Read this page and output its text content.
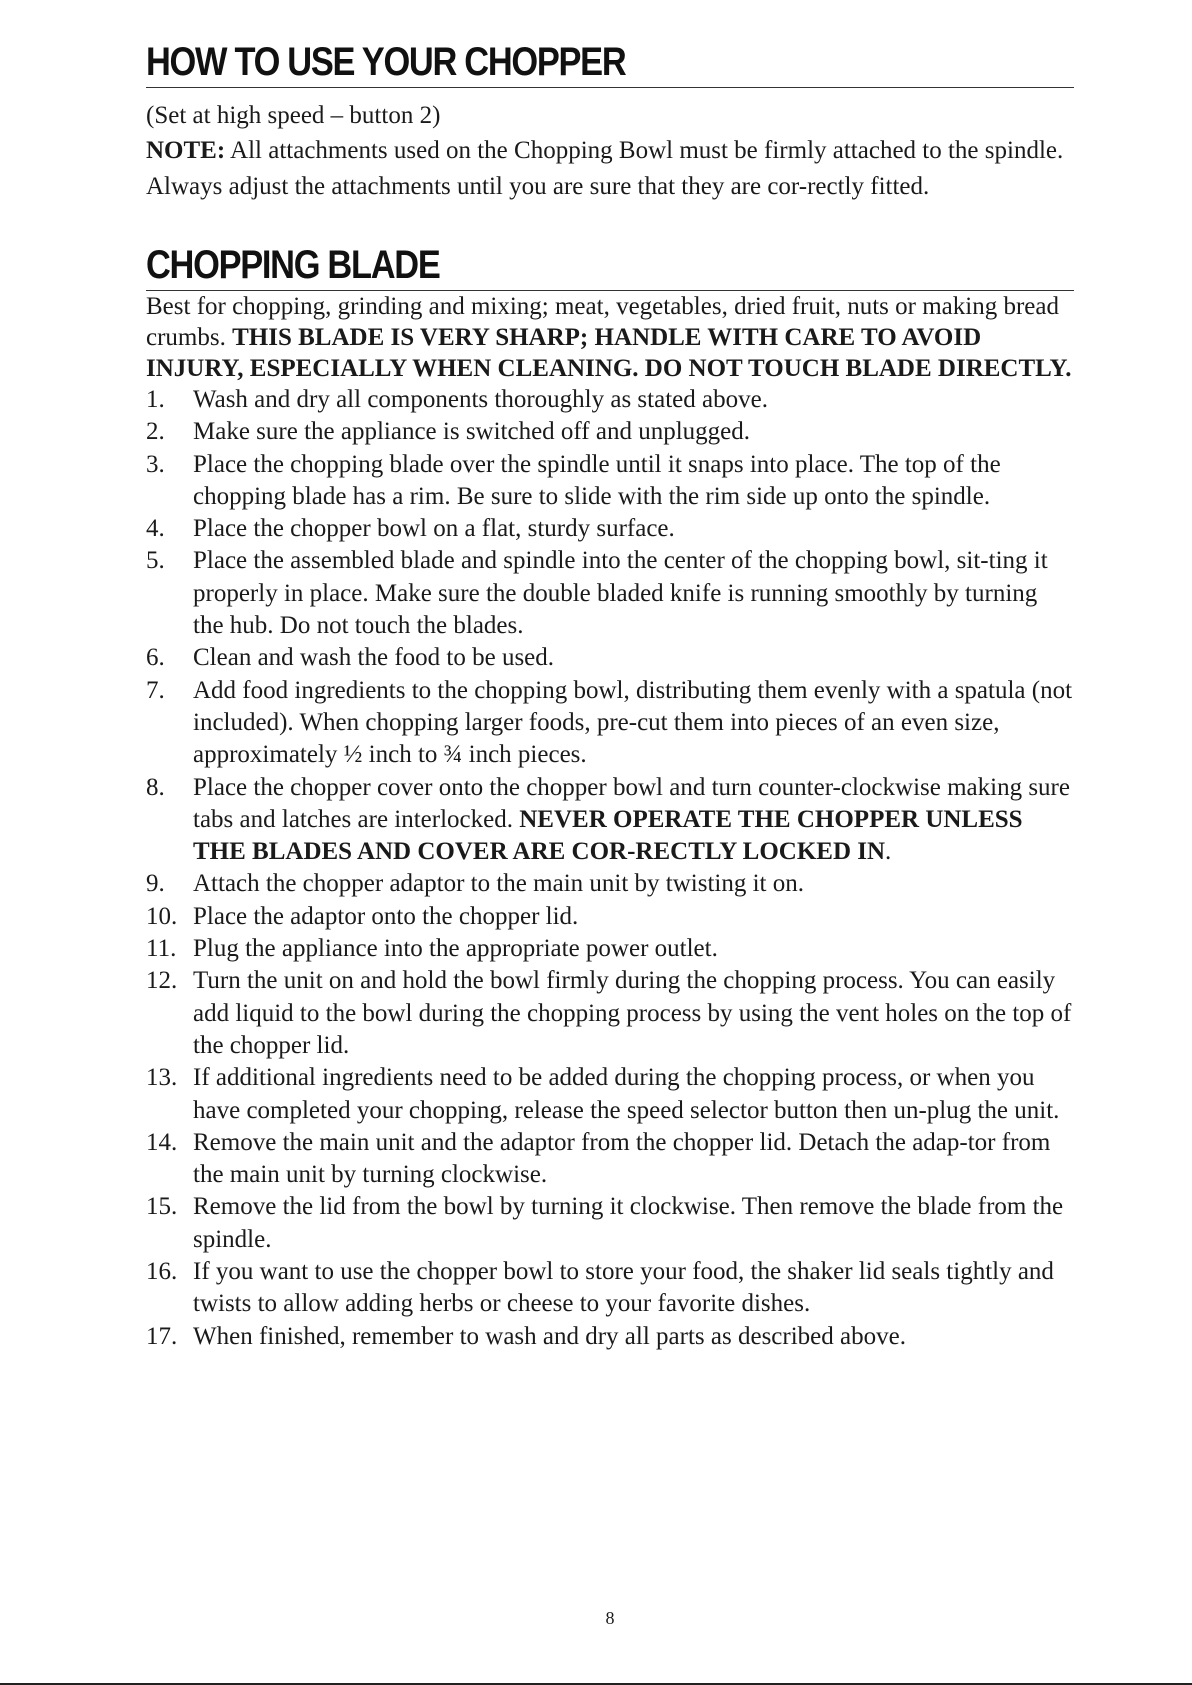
HOW TO USE YOUR CHOPPER

(Set at high speed – button 2)

NOTE: All attachments used on the Chopping Bowl must be firmly attached to the spindle. Always adjust the attachments until you are sure that they are cor-rectly fitted.

CHOPPING BLADE

Best for chopping, grinding and mixing; meat, vegetables, dried fruit, nuts or making bread crumbs. THIS BLADE IS VERY SHARP; HANDLE WITH CARE TO AVOID INJURY, ESPECIALLY WHEN CLEANING. DO NOT TOUCH BLADE DIRECTLY.

1. Wash and dry all components thoroughly as stated above.
2. Make sure the appliance is switched off and unplugged.
3. Place the chopping blade over the spindle until it snaps into place. The top of the chopping blade has a rim. Be sure to slide with the rim side up onto the spindle.
4. Place the chopper bowl on a flat, sturdy surface.
5. Place the assembled blade and spindle into the center of the chopping bowl, sit-ting it properly in place. Make sure the double bladed knife is running smoothly by turning the hub. Do not touch the blades.
6. Clean and wash the food to be used.
7. Add food ingredients to the chopping bowl, distributing them evenly with a spatula (not included). When chopping larger foods, pre-cut them into pieces of an even size, approximately ½ inch to ¾ inch pieces.
8. Place the chopper cover onto the chopper bowl and turn counter-clockwise making sure tabs and latches are interlocked. NEVER OPERATE THE CHOPPER UNLESS THE BLADES AND COVER ARE COR-RECTLY LOCKED IN.
9. Attach the chopper adaptor to the main unit by twisting it on.
10. Place the adaptor onto the chopper lid.
11. Plug the appliance into the appropriate power outlet.
12. Turn the unit on and hold the bowl firmly during the chopping process. You can easily add liquid to the bowl during the chopping process by using the vent holes on the top of the chopper lid.
13. If additional ingredients need to be added during the chopping process, or when you have completed your chopping, release the speed selector button then un-plug the unit.
14. Remove the main unit and the adaptor from the chopper lid. Detach the adap-tor from the main unit by turning clockwise.
15. Remove the lid from the bowl by turning it clockwise. Then remove the blade from the spindle.
16. If you want to use the chopper bowl to store your food, the shaker lid seals tightly and twists to allow adding herbs or cheese to your favorite dishes.
17. When finished, remember to wash and dry all parts as described above.
8
